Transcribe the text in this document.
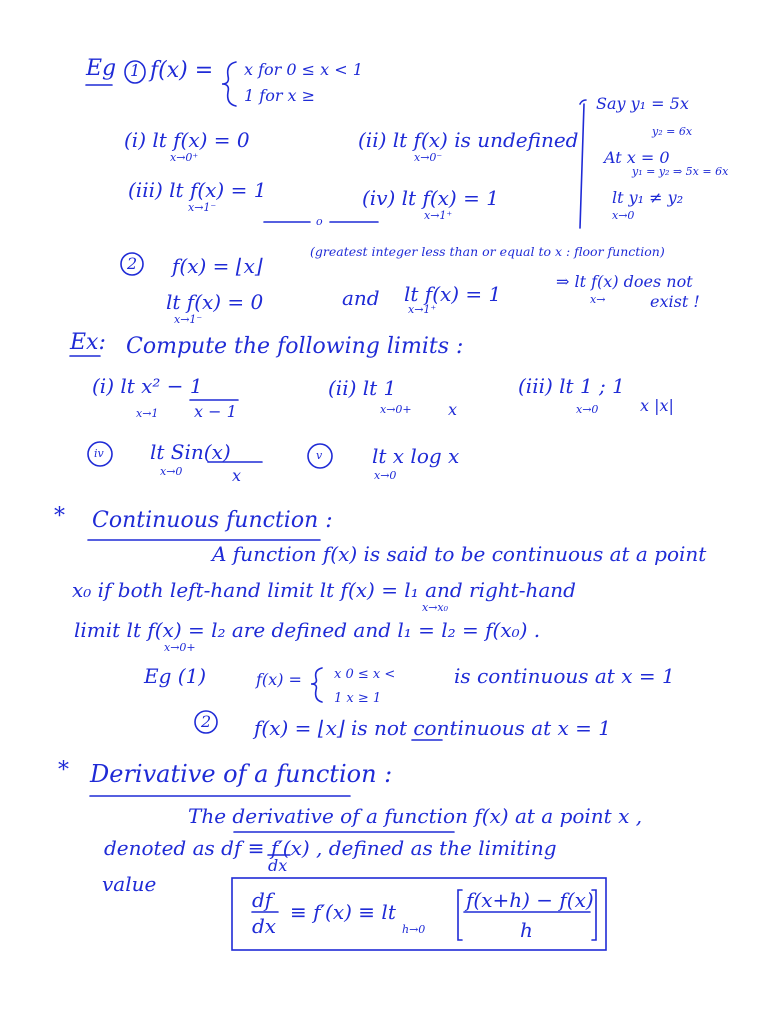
Eg 1 f(x) = x for 0 ≤ x < 1
1 for x ≥
(i) lt f(x) = 0
x→0⁺
(ii) lt f(x) is undefined
x→0⁻
(iii) lt f(x) = 1
x→1⁻	(iv) lt f(x) = 1
x→1⁺
o
Say y₁ = 5x
y₂ = 6x
At x = 0
y₁ = y₂ ⇒ 5x = 6x
lt y₁ ≠ y₂
x→0
2 f(x) = ⌊x⌋
(greatest integer less than or equal to x : floor function)
lt f(x) = 0
x→1⁻
and lt f(x) = 1
x→1⁺
⇒ lt f(x) does not
x→	exist !
Ex: Compute the following limits :
(i) lt x² − 1
x − 1
x→1
(ii) lt 1
x
x→0+
(iii) lt 1 ; 1
x |x|
x→0
iv lt Sin(x)
x
x→0
v lt x log x
x→0
* Continuous function :
A function f(x) is said to be continuous at a point
x₀ if both left-hand limit lt f(x) = l₁ and right-hand
x→x₀
limit lt f(x) = l₂ are defined and l₁ = l₂ = f(x₀) .
x→0+
Eg (1)	f(x) = x 0 ≤ x <
1 x ≥ 1
is continuous at x = 1
2 f(x) = ⌊x⌋ is not continuous at x = 1
* Derivative of a function :
The derivative of a function f(x) at a point x ,
denoted as df ≡ f′(x) , defined as the limiting
dx
value
df
dx
≡ f′(x) ≡ lt
h→0
f(x+h) − f(x)
h
